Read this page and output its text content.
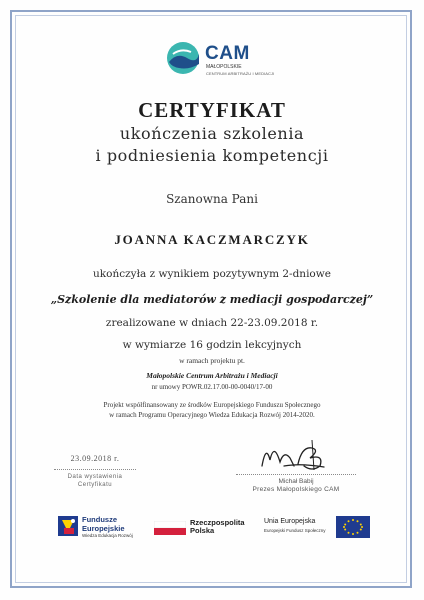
CAM
MAŁOPOLSKIE
CENTRUM ARBITRAŻU I MEDIACJI
CERTYFIKAT
ukończenia szkolenia
i podniesienia kompetencji
Szanowna Pani
JOANNA KACZMARCZYK
ukończyła z wynikiem pozytywnym 2-dniowe
„Szkolenie dla mediatorów z mediacji gospodarczej”
zrealizowane w dniach 22-23.09.2018 r.
w wymiarze 16 godzin lekcyjnych
w ramach projektu pt.
Małopolskie Centrum Arbitrażu i Mediacji
nr umowy POWR.02.17.00-00-0040/17-00
Projekt współfinansowany ze środków Europejskiego Funduszu Społecznego
w ramach Programu Operacyjnego Wiedza Edukacja Rozwój 2014-2020.
23.09.2018 r.
Data wystawienia
Certyfikatu	Michał Babij
Prezes Małopolskiego CAM
Fundusze
Europejskie
Wiedza Edukacja Rozwój
Rzeczpospolita
Polska
Unia Europejska
Europejski Fundusz Społeczny
